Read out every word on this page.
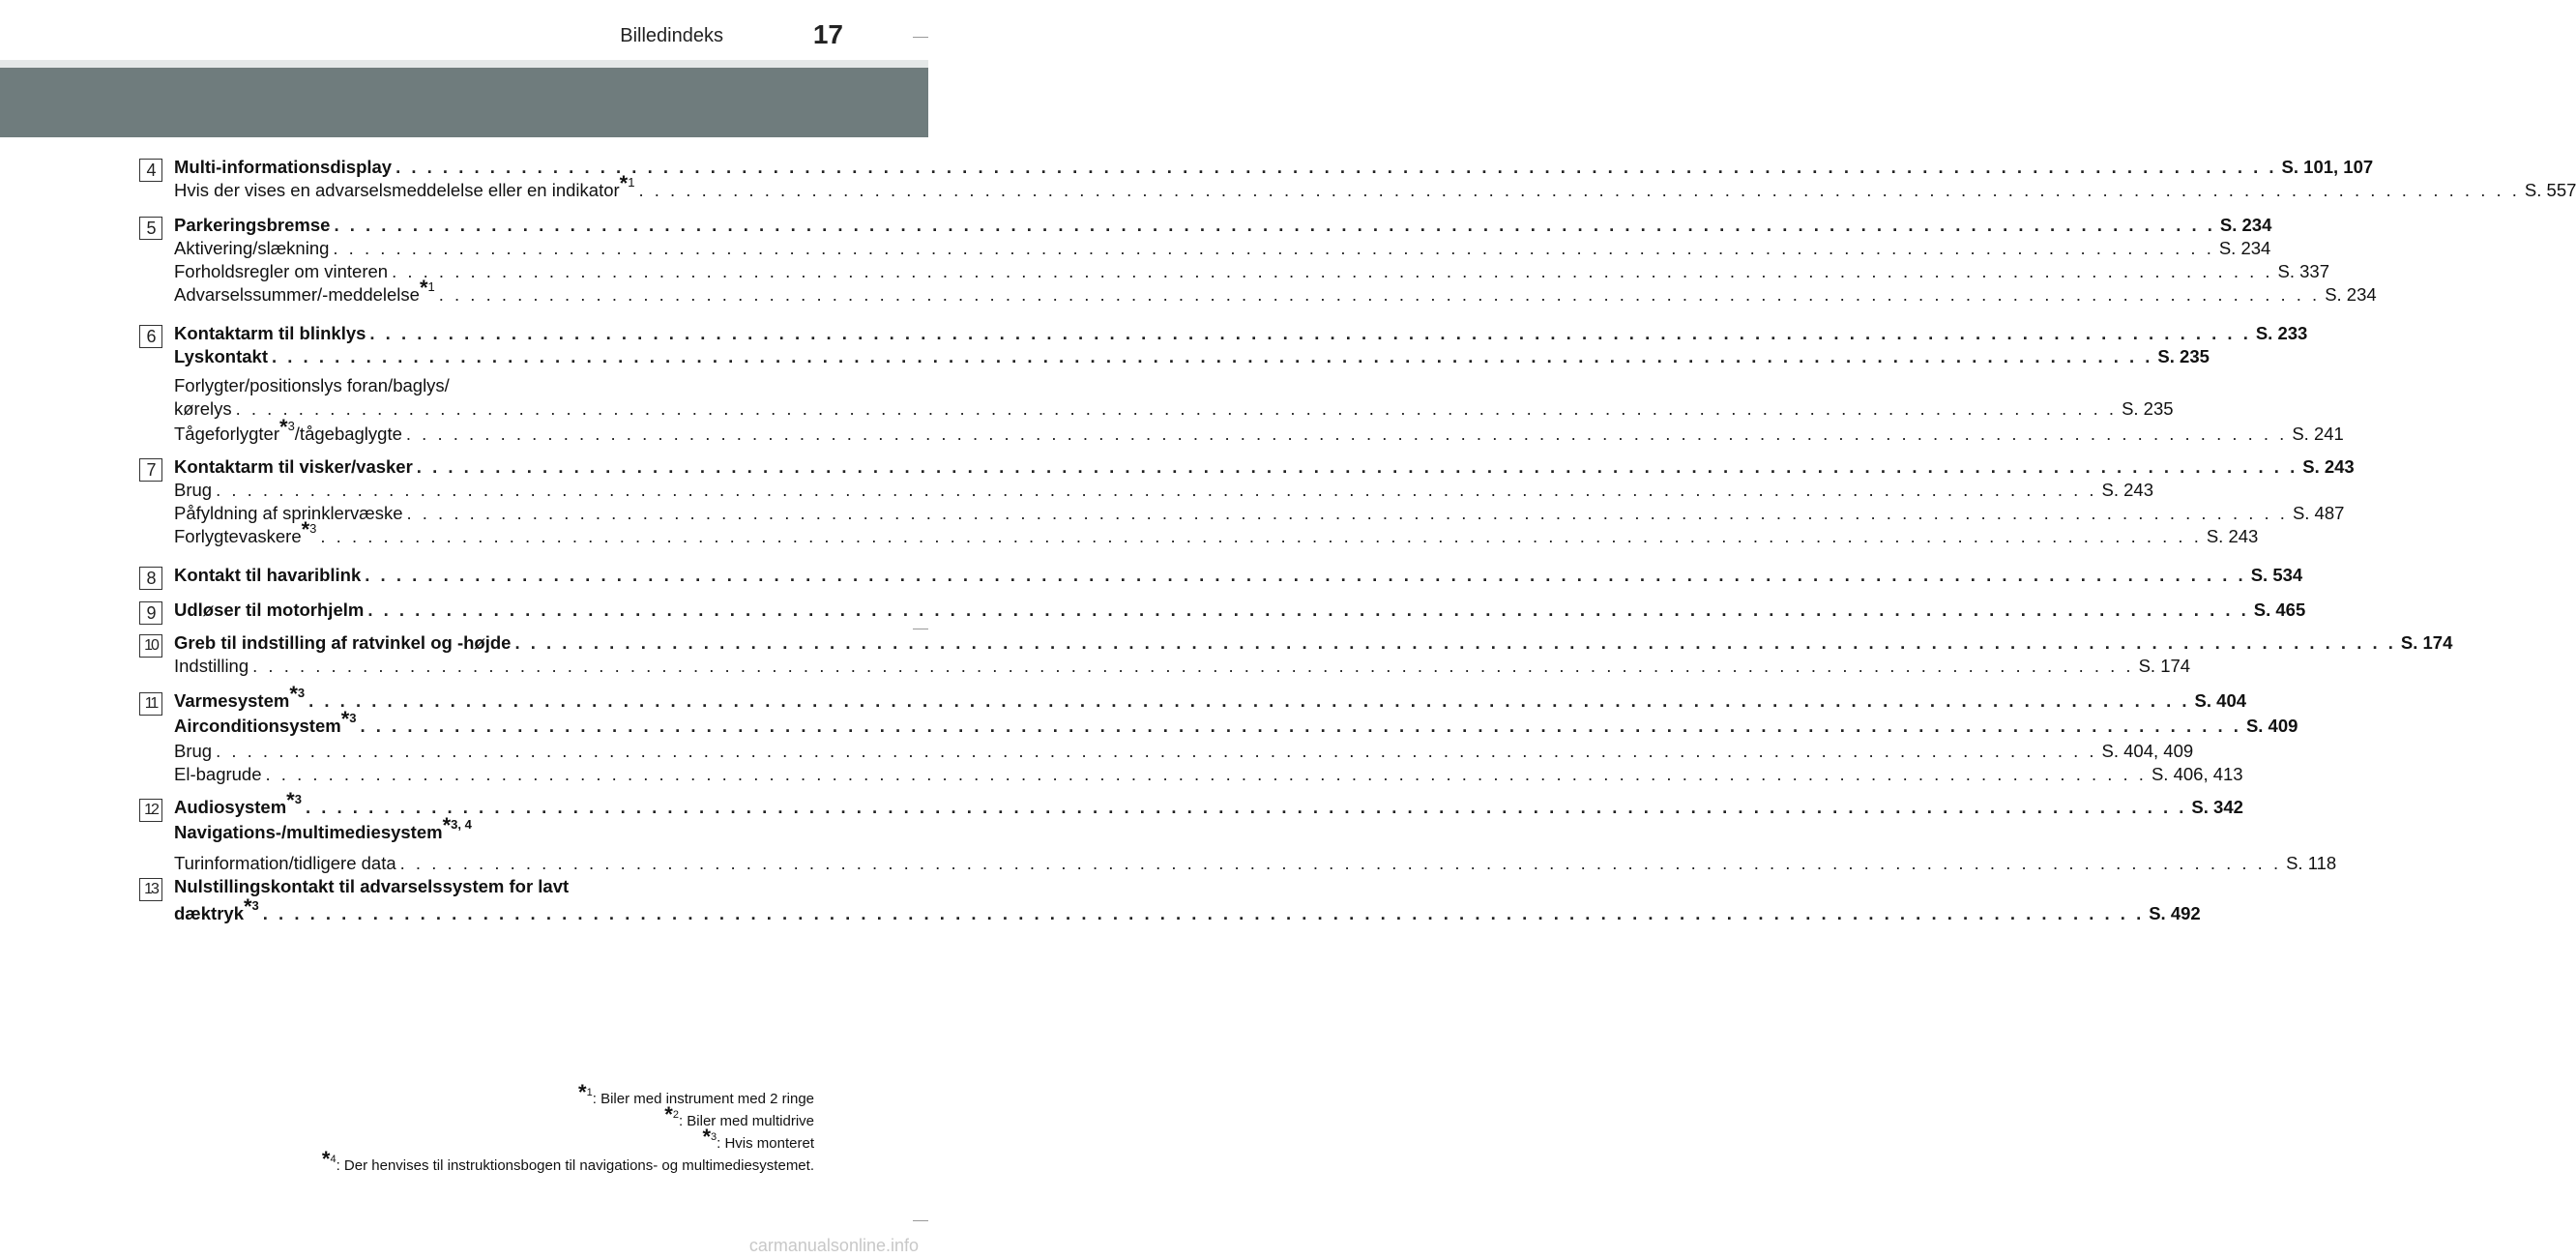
Billedindeks	17
4	Multi-informationsdisplay . . . . . . . . . . . . . . . . . . . . . . . . . . . . . . . . . . . . . . . . . . . . . . . . . . . . . . . . . . . . . . . . . . . . . . . . . . . . . . . . . . . . . . . . . . . . . . . . . . . . . . . . . . . . . . . . . . . . . . . . S. 101, 107
Hvis der vises en advarselsmeddelelse eller en indikator$^{*1}$ . . . . . . . . . . . . . . . . . . . . . . . . . . . . . . . . . . . . . . . . . . . . . . . . . . . . . . . . . . . . . . . . . . . . . . . . . . . . . . . . . . . . . . . . . . . . . . . . . . . . . . . . . . . . . . . . . . . . . . . . S. 557
5	Parkeringsbremse . . . . . . . . . . . . . . . . . . . . . . . . . . . . . . . . . . . . . . . . . . . . . . . . . . . . . . . . . . . . . . . . . . . . . . . . . . . . . . . . . . . . . . . . . . . . . . . . . . . . . . . . . . . . . . . . . . . . . . . . S. 234
Aktivering/slækning . . . . . . . . . . . . . . . . . . . . . . . . . . . . . . . . . . . . . . . . . . . . . . . . . . . . . . . . . . . . . . . . . . . . . . . . . . . . . . . . . . . . . . . . . . . . . . . . . . . . . . . . . . . . . . . . . . . . . . . . S. 234
Forholdsregler om vinteren . . . . . . . . . . . . . . . . . . . . . . . . . . . . . . . . . . . . . . . . . . . . . . . . . . . . . . . . . . . . . . . . . . . . . . . . . . . . . . . . . . . . . . . . . . . . . . . . . . . . . . . . . . . . . . . . . . . . . . . . S. 337
Advarselssummer/-meddelelse$^{*1}$ . . . . . . . . . . . . . . . . . . . . . . . . . . . . . . . . . . . . . . . . . . . . . . . . . . . . . . . . . . . . . . . . . . . . . . . . . . . . . . . . . . . . . . . . . . . . . . . . . . . . . . . . . . . . . . . . . . . . . . . . S. 234
6	Kontaktarm til blinklys . . . . . . . . . . . . . . . . . . . . . . . . . . . . . . . . . . . . . . . . . . . . . . . . . . . . . . . . . . . . . . . . . . . . . . . . . . . . . . . . . . . . . . . . . . . . . . . . . . . . . . . . . . . . . . . . . . . . . . . . S. 233
Lyskontakt . . . . . . . . . . . . . . . . . . . . . . . . . . . . . . . . . . . . . . . . . . . . . . . . . . . . . . . . . . . . . . . . . . . . . . . . . . . . . . . . . . . . . . . . . . . . . . . . . . . . . . . . . . . . . . . . . . . . . . . . S. 235
Forlygter/positionslys foran/baglys/
kørelys . . . . . . . . . . . . . . . . . . . . . . . . . . . . . . . . . . . . . . . . . . . . . . . . . . . . . . . . . . . . . . . . . . . . . . . . . . . . . . . . . . . . . . . . . . . . . . . . . . . . . . . . . . . . . . . . . . . . . . . . S. 235
Tågeforlygter$^{*3}$/tågebaglygte . . . . . . . . . . . . . . . . . . . . . . . . . . . . . . . . . . . . . . . . . . . . . . . . . . . . . . . . . . . . . . . . . . . . . . . . . . . . . . . . . . . . . . . . . . . . . . . . . . . . . . . . . . . . . . . . . . . . . . . . S. 241
7	Kontaktarm til visker/vasker . . . . . . . . . . . . . . . . . . . . . . . . . . . . . . . . . . . . . . . . . . . . . . . . . . . . . . . . . . . . . . . . . . . . . . . . . . . . . . . . . . . . . . . . . . . . . . . . . . . . . . . . . . . . . . . . . . . . . . . . S. 243
Brug . . . . . . . . . . . . . . . . . . . . . . . . . . . . . . . . . . . . . . . . . . . . . . . . . . . . . . . . . . . . . . . . . . . . . . . . . . . . . . . . . . . . . . . . . . . . . . . . . . . . . . . . . . . . . . . . . . . . . . . . S. 243
Påfyldning af sprinklervæske . . . . . . . . . . . . . . . . . . . . . . . . . . . . . . . . . . . . . . . . . . . . . . . . . . . . . . . . . . . . . . . . . . . . . . . . . . . . . . . . . . . . . . . . . . . . . . . . . . . . . . . . . . . . . . . . . . . . . . . . S. 487
Forlygtevaskere$^{*3}$ . . . . . . . . . . . . . . . . . . . . . . . . . . . . . . . . . . . . . . . . . . . . . . . . . . . . . . . . . . . . . . . . . . . . . . . . . . . . . . . . . . . . . . . . . . . . . . . . . . . . . . . . . . . . . . . . . . . . . . . . S. 243
8	Kontakt til havariblink . . . . . . . . . . . . . . . . . . . . . . . . . . . . . . . . . . . . . . . . . . . . . . . . . . . . . . . . . . . . . . . . . . . . . . . . . . . . . . . . . . . . . . . . . . . . . . . . . . . . . . . . . . . . . . . . . . . . . . . . S. 534
9	Udløser til motorhjelm . . . . . . . . . . . . . . . . . . . . . . . . . . . . . . . . . . . . . . . . . . . . . . . . . . . . . . . . . . . . . . . . . . . . . . . . . . . . . . . . . . . . . . . . . . . . . . . . . . . . . . . . . . . . . . . . . . . . . . . . S. 465
10 Greb til indstilling af ratvinkel og -højde . . . . . . . . . . . . . . . . . . . . . . . . . . . . . . . . . . . . . . . . . . . . . . . . . . . . . . . . . . . . . . . . . . . . . . . . . . . . . . . . . . . . . . . . . . . . . . . . . . . . . . . . . . . . . . . . . . . . . . . . S. 174
Indstilling . . . . . . . . . . . . . . . . . . . . . . . . . . . . . . . . . . . . . . . . . . . . . . . . . . . . . . . . . . . . . . . . . . . . . . . . . . . . . . . . . . . . . . . . . . . . . . . . . . . . . . . . . . . . . . . . . . . . . . . . S. 174
11 Varmesystem$^{*3}$ . . . . . . . . . . . . . . . . . . . . . . . . . . . . . . . . . . . . . . . . . . . . . . . . . . . . . . . . . . . . . . . . . . . . . . . . . . . . . . . . . . . . . . . . . . . . . . . . . . . . . . . . . . . . . . . . . . . . . . . . S. 404
Airconditionsystem$^{*3}$ . . . . . . . . . . . . . . . . . . . . . . . . . . . . . . . . . . . . . . . . . . . . . . . . . . . . . . . . . . . . . . . . . . . . . . . . . . . . . . . . . . . . . . . . . . . . . . . . . . . . . . . . . . . . . . . . . . . . . . . . S. 409
Brug . . . . . . . . . . . . . . . . . . . . . . . . . . . . . . . . . . . . . . . . . . . . . . . . . . . . . . . . . . . . . . . . . . . . . . . . . . . . . . . . . . . . . . . . . . . . . . . . . . . . . . . . . . . . . . . . . . . . . . . . S. 404, 409
El-bagrude . . . . . . . . . . . . . . . . . . . . . . . . . . . . . . . . . . . . . . . . . . . . . . . . . . . . . . . . . . . . . . . . . . . . . . . . . . . . . . . . . . . . . . . . . . . . . . . . . . . . . . . . . . . . . . . . . . . . . . . . S. 406, 413
12 Audiosystem$^{*3}$ . . . . . . . . . . . . . . . . . . . . . . . . . . . . . . . . . . . . . . . . . . . . . . . . . . . . . . . . . . . . . . . . . . . . . . . . . . . . . . . . . . . . . . . . . . . . . . . . . . . . . . . . . . . . . . . . . . . . . . . . S. 342
Navigations-/multimediesystem$^{*3, 4}$
Turinformation/tidligere data . . . . . . . . . . . . . . . . . . . . . . . . . . . . . . . . . . . . . . . . . . . . . . . . . . . . . . . . . . . . . . . . . . . . . . . . . . . . . . . . . . . . . . . . . . . . . . . . . . . . . . . . . . . . . . . . . . . . . . . . S. 118
13 Nulstillingskontakt til advarselssystem for lavt
dæktryk$^{*3}$ . . . . . . . . . . . . . . . . . . . . . . . . . . . . . . . . . . . . . . . . . . . . . . . . . . . . . . . . . . . . . . . . . . . . . . . . . . . . . . . . . . . . . . . . . . . . . . . . . . . . . . . . . . . . . . . . . . . . . . . . S. 492
*$^1$: Biler med instrument med 2 ringe
*$^2$: Biler med multidrive
*$^3$: Hvis monteret
*$^4$: Der henvises til instruktionsbogen til navigations- og multimediesystemet.
carmanualsonline.info
